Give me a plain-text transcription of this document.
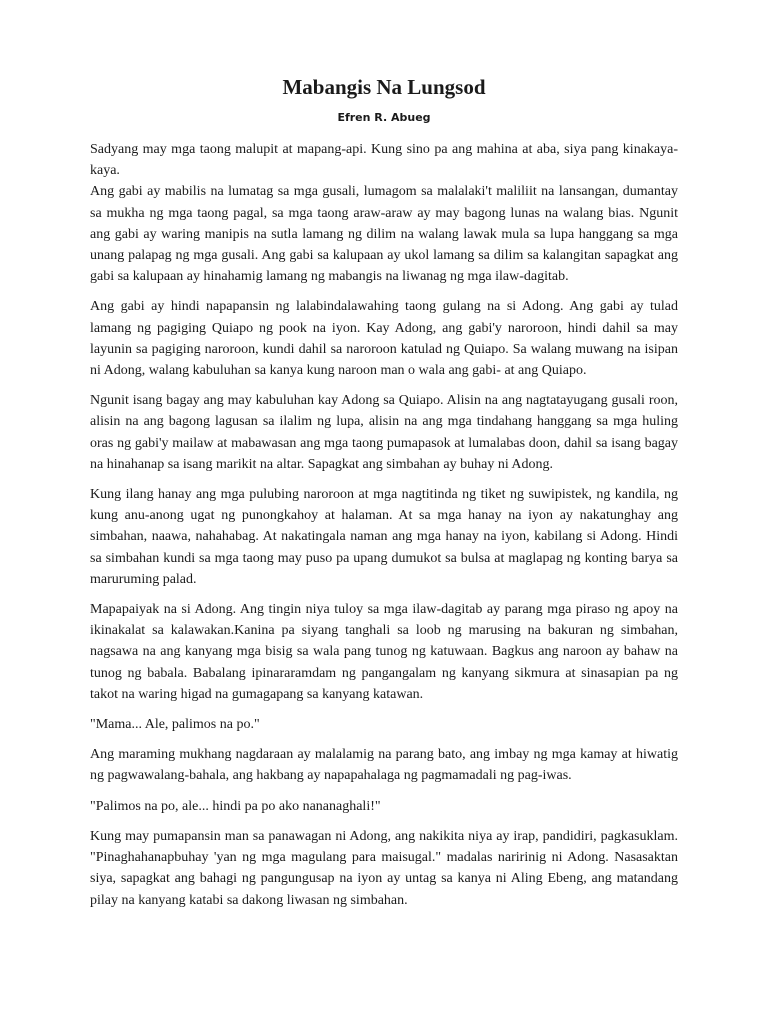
Mabangis Na Lungsod
Efren R. Abueg

Sadyang may mga taong malupit at mapang-api. Kung sino pa ang mahina at aba, siya pang kinakaya-kaya.

Ang gabi ay mabilis na lumatag sa mga gusali, lumagom sa malalaki't maliliit na lansangan, dumantay sa mukha ng mga taong pagal, sa mga taong araw-araw ay may bagong lunas na walang bias. Ngunit ang gabi ay waring manipis na sutla lamang ng dilim na walang lawak mula sa lupa hanggang sa mga unang palapag ng mga gusali. Ang gabi sa kalupaan ay ukol lamang sa dilim sa kalangitan sapagkat ang gabi sa kalupaan ay hinahamig lamang ng mabangis na liwanag ng mga ilaw-dagitab.

Ang gabi ay hindi napapansin ng lalabindalawahing taong gulang na si Adong. Ang gabi ay tulad lamang ng pagiging Quiapo ng pook na iyon. Kay Adong, ang gabi'y naroroon, hindi dahil sa may layunin sa pagiging naroroon, kundi dahil sa naroroon katulad ng Quiapo. Sa walang muwang na isipan ni Adong, walang kabuluhan sa kanya kung naroon man o wala ang gabi- at ang Quiapo.

Ngunit isang bagay ang may kabuluhan kay Adong sa Quiapo. Alisin na ang nagtatayugang gusali roon, alisin na ang bagong lagusan sa ilalim ng lupa, alisin na ang mga tindahang hanggang sa mga huling oras ng gabi'y mailaw at mabawasan ang mga taong pumapasok at lumalabas doon, dahil sa isang bagay na hinahanap sa isang marikit na altar. Sapagkat ang simbahan ay buhay ni Adong.

Kung ilang hanay ang mga pulubing naroroon at mga nagtitinda ng tiket ng suwipistek, ng kandila, ng kung anu-anong ugat ng punongkahoy at halaman. At sa mga hanay na iyon ay nakatunghay ang simbahan, naawa, nahahabag. At nakatingala naman ang mga hanay na iyon, kabilang si Adong. Hindi sa simbahan kundi sa mga taong may puso pa upang dumukot sa bulsa at maglapag ng konting barya sa maruruming palad.

Mapapaiyak na si Adong. Ang tingin niya tuloy sa mga ilaw-dagitab ay parang mga piraso ng apoy na ikinakalat sa kalawakan.Kanina pa siyang tanghali sa loob ng marusing na bakuran ng simbahan, nagsawa na ang kanyang mga bisig sa wala pang tunog ng katuwaan. Bagkus ang naroon ay bahaw na tunog ng babala. Babalang ipinararamdam ng pangangalam ng kanyang sikmura at sinasapian pa ng takot na waring higad na gumagapang sa kanyang katawan.

"Mama... Ale, palimos na po."

Ang maraming mukhang nagdaraan ay malalamig na parang bato, ang imbay ng mga kamay at hiwatig ng pagwawalang-bahala, ang hakbang ay napapahalaga ng pagmamadali ng pag-iwas.

"Palimos na po, ale... hindi pa po ako nananaghali!"

Kung may pumapansin man sa panawagan ni Adong, ang nakikita niya ay irap, pandidiri, pagkasuklam. "Pinaghahanapbuhay 'yan ng mga magulang para maisugal." madalas naririnig ni Adong. Nasasaktan siya, sapagkat ang bahagi ng pangungusap na iyon ay untag sa kanya ni Aling Ebeng, ang matandang pilay na kanyang katabi sa dakong liwasan ng simbahan.
